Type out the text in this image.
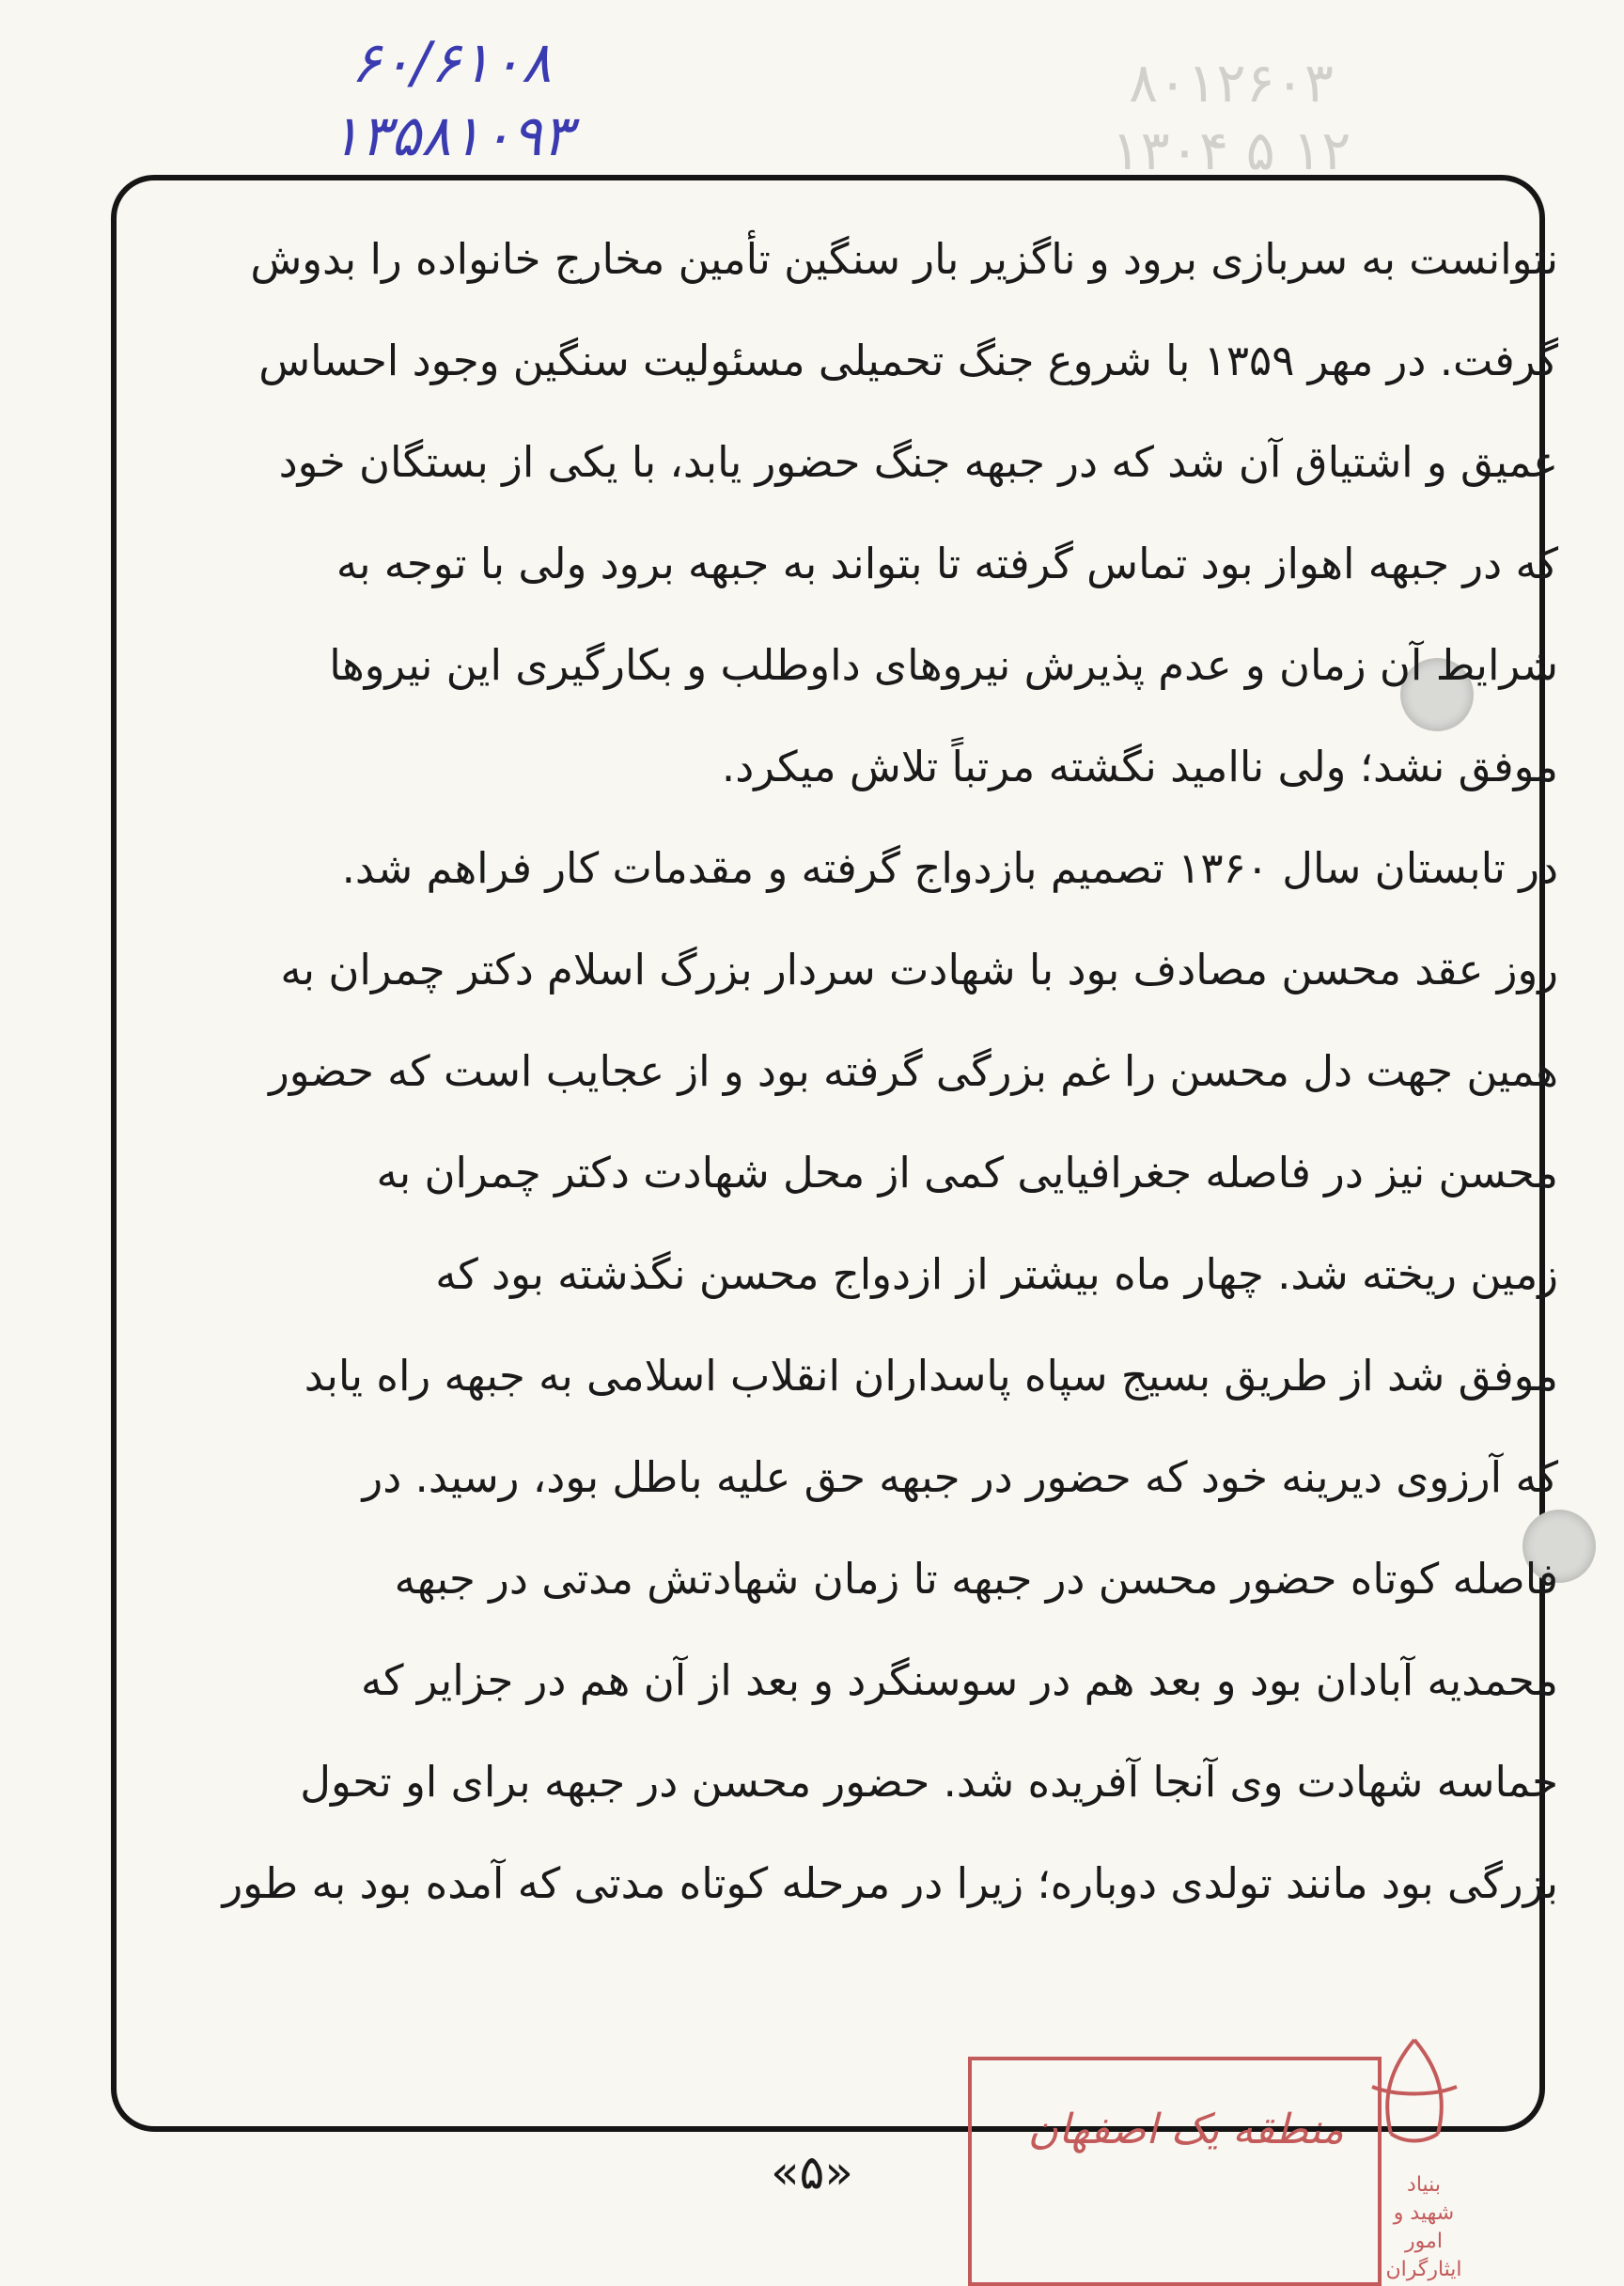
۸۰۱۲۶۰۳
۱۲ ۵ ۱۳۰۴
۶۰/۶۱۰۸
۱۳۵۸۱۰۹۳
نتوانست به سربازی برود و ناگزیر بار سنگین تأمین مخارج خانواده را بدوش
گرفت. در مهر ۱۳۵۹ با شروع جنگ تحمیلی مسئولیت سنگین وجود احساس
عمیق و اشتیاق آن شد که در جبهه جنگ حضور یابد، با یکی از بستگان خود
که در جبهه اهواز بود تماس گرفته تا بتواند به جبهه برود ولی با توجه به
شرایط آن زمان و عدم پذیرش نیروهای داوطلب و بکارگیری این نیروها
موفق نشد؛ ولی ناامید نگشته مرتباً تلاش میکرد.
در تابستان سال ۱۳۶۰ تصمیم بازدواج گرفته و مقدمات کار فراهم شد.
روز عقد محسن مصادف بود با شهادت سردار بزرگ اسلام دکتر چمران به
همین جهت دل محسن را غم بزرگی گرفته بود و از عجایب است که حضور
محسن نیز در فاصله جغرافیایی کمی از محل شهادت دکتر چمران به
زمین ریخته شد. چهار ماه بیشتر از ازدواج محسن نگذشته بود که
موفق شد از طریق بسیج سپاه پاسداران انقلاب اسلامی به جبهه راه یابد
که آرزوی دیرینه خود که حضور در جبهه حق علیه باطل بود، رسید. در
فاصله کوتاه حضور محسن در جبهه تا زمان شهادتش مدتی در جبهه
محمدیه آبادان بود و بعد هم در سوسنگرد و بعد از آن هم در جزایر که
حماسه شهادت وی آنجا آفریده شد. حضور محسن در جبهه برای او تحول
بزرگی بود مانند تولدی دوباره؛ زیرا در مرحله کوتاه مدتی که آمده بود به طور
«۵»
منطقه یک اصفهان
بنیاد
شهید و
امور
ایثارگران
